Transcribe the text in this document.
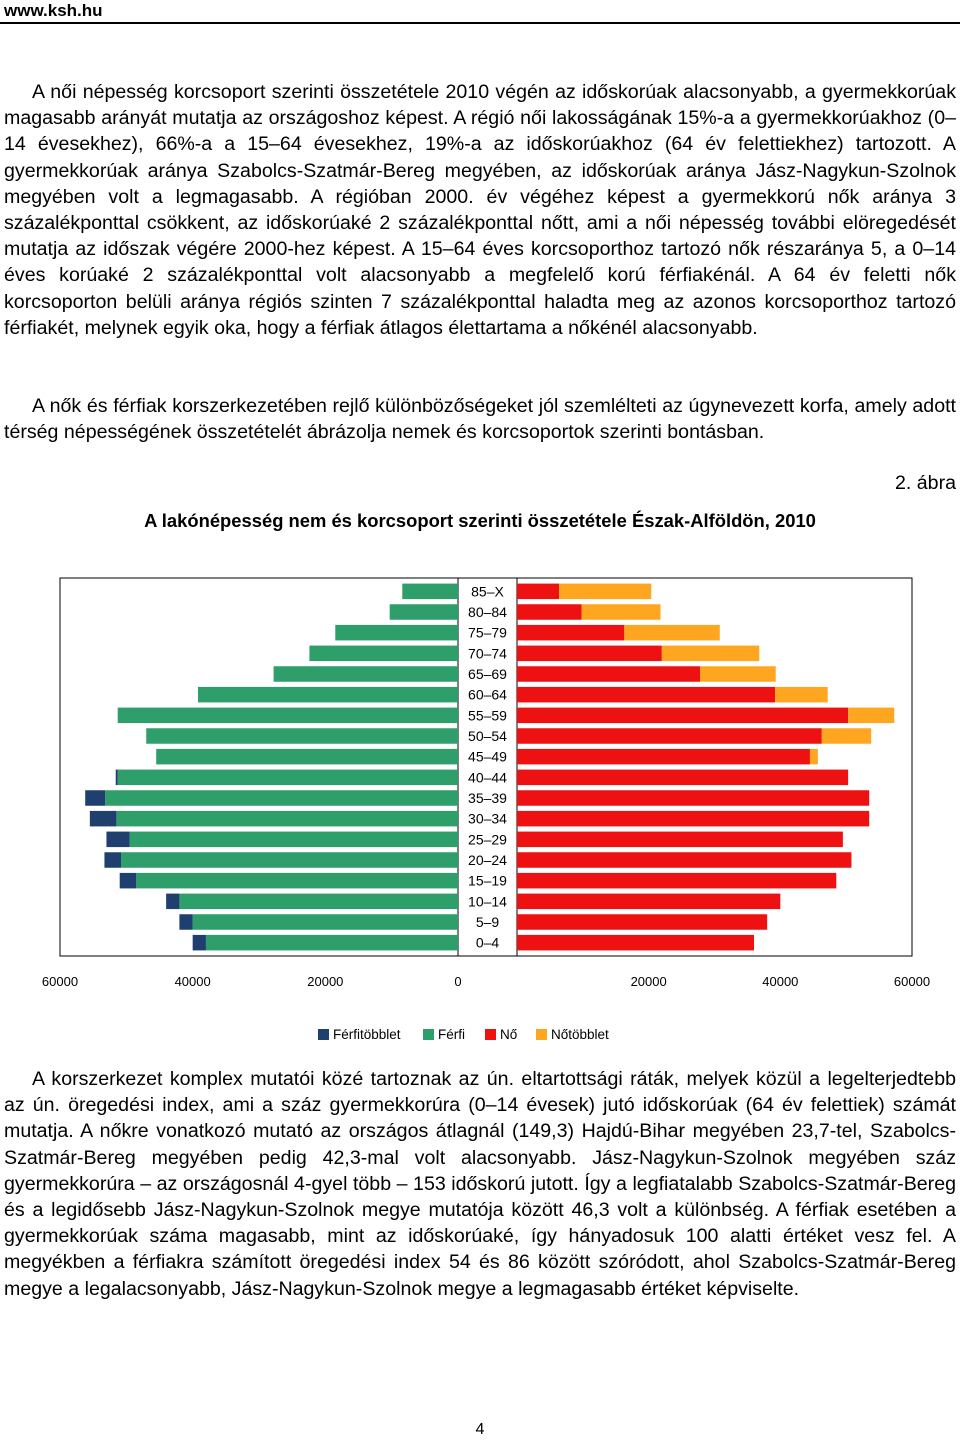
www.ksh.hu

A női népesség korcsoport szerinti összetétele 2010 végén az időskorúak alacsonyabb, a gyermekkorúak magasabb arányát mutatja az országoshoz képest. A régió női lakosságának 15%-a a gyermekkorúakhoz (0–14 évesekhez), 66%-a a 15–64 évesekhez, 19%-a az időskorúakhoz (64 év felettiekhez) tartozott. A gyermekkorúak aránya Szabolcs-Szatmár-Bereg megyében, az időskorúak aránya Jász-Nagykun-Szolnok megyében volt a legmagasabb. A régióban 2000. év végéhez képest a gyermekkorú nők aránya 3 százalékponttal csökkent, az időskorúaké 2 százalékponttal nőtt, ami a női népesség további elöregedését mutatja az időszak végére 2000-hez képest. A 15–64 éves korcsoporthoz tartozó nők részaránya 5, a 0–14 éves korúaké 2 százalékponttal volt alacsonyabb a megfelelő korú férfiakénál. A 64 év feletti nők korcsoporton belüli aránya régiós szinten 7 százalékponttal haladta meg az azonos korcsoporthoz tartozó férfiakét, melynek egyik oka, hogy a férfiak átlagos élettartama a nőkénél alacsonyabb.

A nők és férfiak korszerkezetében rejlő különbözőségeket jól szemlélteti az úgynevezett korfa, amely adott térség népességének összetételét ábrázolja nemek és korcsoportok szerinti bontásban.

2. ábra
A lakónépesség nem és korcsoport szerinti összetétele Észak-Alföldön, 2010
0–4
5–9
10–14
15–19
20–24
25–29
30–34
35–39
40–44
45–49
50–54
55–59
60–64
65–69
70–74
75–79
80–84
85–X
60000	40000	20000	0	20000	40000	60000
Férfitöbblet	Férfi	Nő Nőtöbblet

A korszerkezet komplex mutatói közé tartoznak az ún. eltartottsági ráták, melyek közül a legelterjedtebb az ún. öregedési index, ami a száz gyermekkorúra (0–14 évesek) jutó időskorúak (64 év felettiek) számát mutatja. A nőkre vonatkozó mutató az országos átlagnál (149,3) Hajdú-Bihar megyében 23,7-tel, Szabolcs-Szatmár-Bereg megyében pedig 42,3-mal volt alacsonyabb. Jász-Nagykun-Szolnok megyében száz gyermekkorúra – az országosnál 4-gyel több – 153 időskorú jutott. Így a legfiatalabb Szabolcs-Szatmár-Bereg és a legidősebb Jász-Nagykun-Szolnok megye mutatója között 46,3 volt a különbség. A férfiak esetében a gyermekkorúak száma magasabb, mint az időskorúaké, így hányadosuk 100 alatti értéket vesz fel. A megyékben a férfiakra számított öregedési index 54 és 86 között szóródott, ahol Szabolcs-Szatmár-Bereg megye a legalacsonyabb, Jász-Nagykun-Szolnok megye a legmagasabb értéket képviselte.

4
